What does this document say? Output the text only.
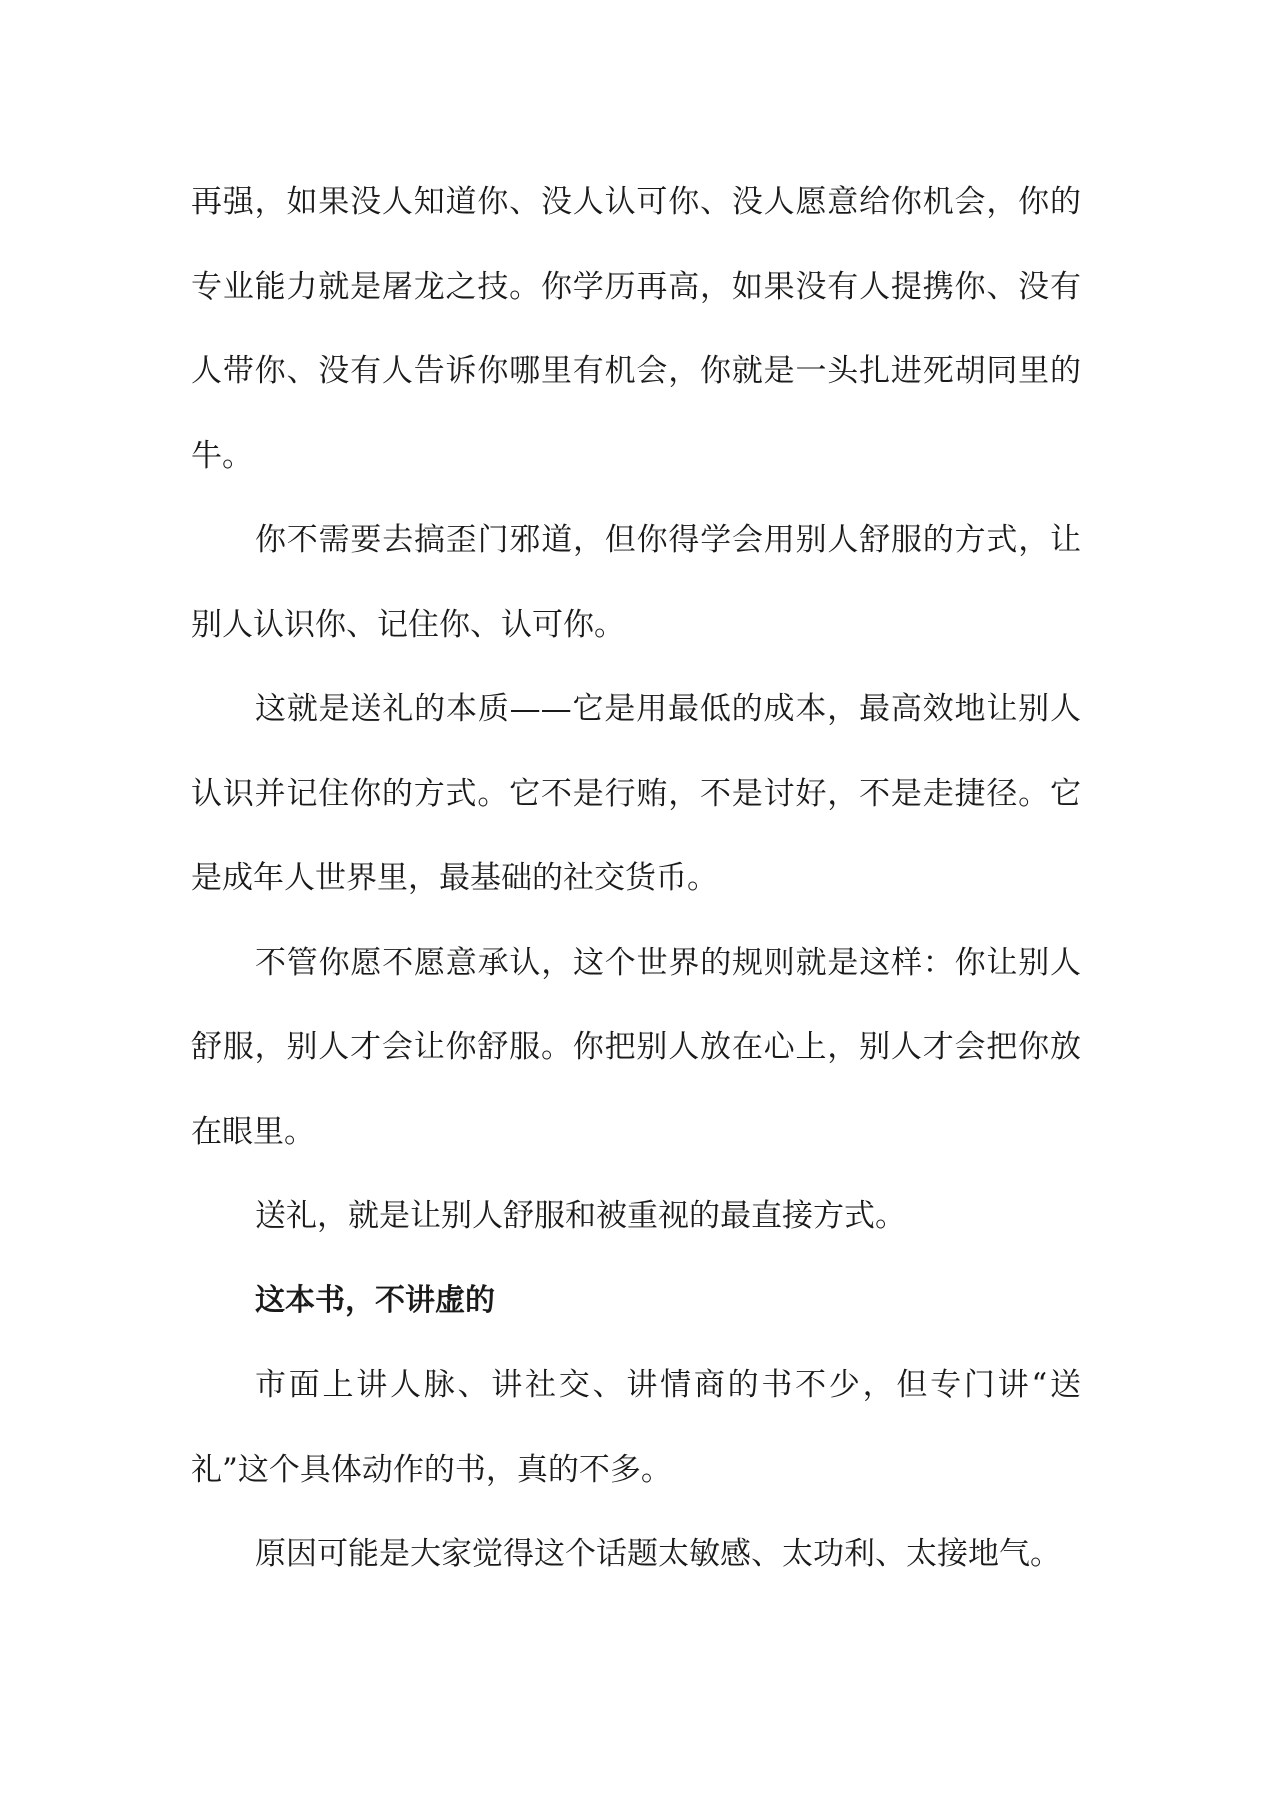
再强，如果没人知道你、没人认可你、没人愿意给你机会，你的专业能力就是屠龙之技。你学历再高，如果没有人提携你、没有人带你、没有人告诉你哪里有机会，你就是一头扎进死胡同里的牛。

你不需要去搞歪门邪道，但你得学会用别人舒服的方式，让别人认识你、记住你、认可你。

这就是送礼的本质——它是用最低的成本，最高效地让别人认识并记住你的方式。它不是行贿，不是讨好，不是走捷径。它是成年人世界里，最基础的社交货币。

不管你愿不愿意承认，这个世界的规则就是这样：你让别人舒服，别人才会让你舒服。你把别人放在心上，别人才会把你放在眼里。

送礼，就是让别人舒服和被重视的最直接方式。

这本书，不讲虚的

市面上讲人脉、讲社交、讲情商的书不少，但专门讲“送礼”这个具体动作的书，真的不多。

原因可能是大家觉得这个话题太敏感、太功利、太接地气。
